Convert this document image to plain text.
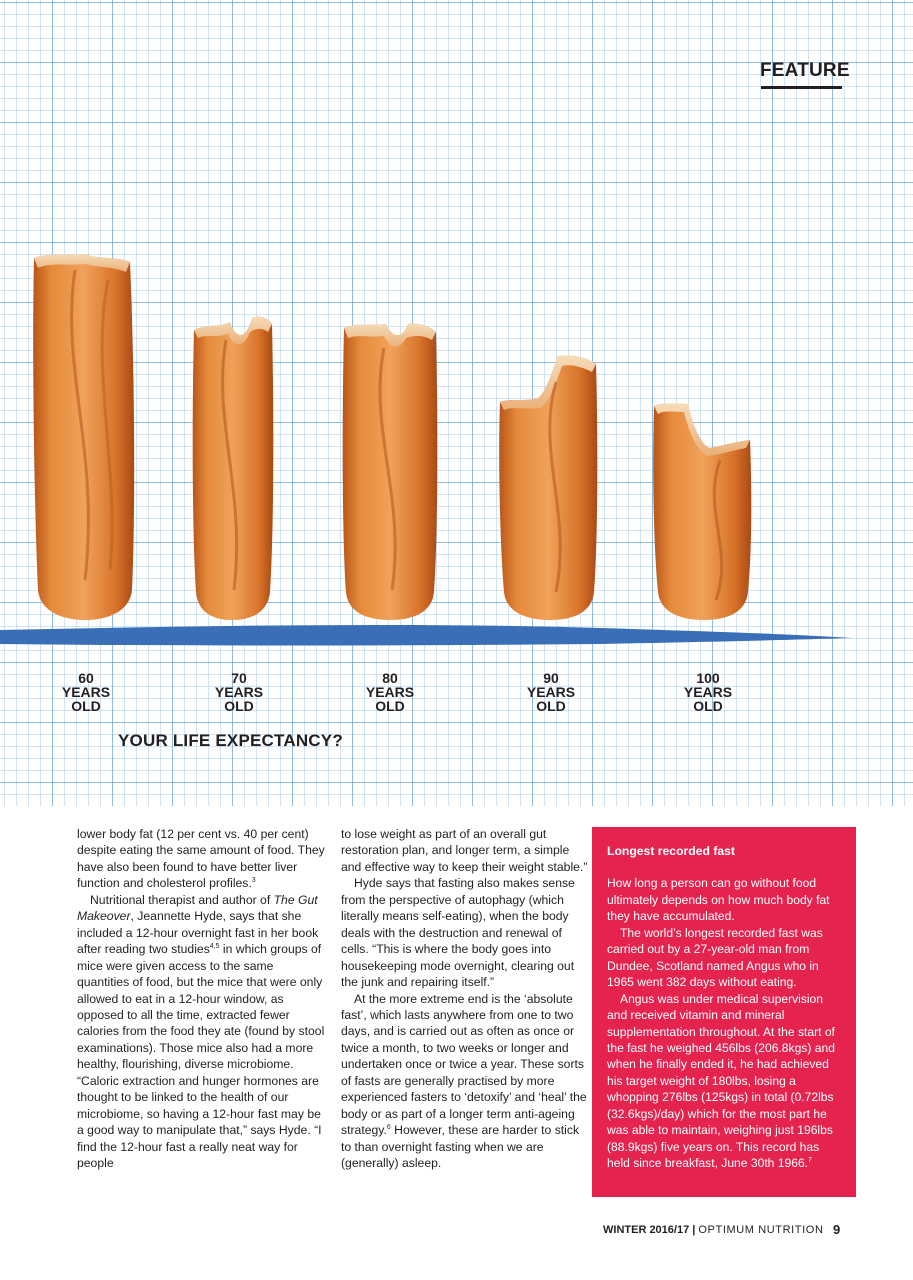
FEATURE
60
YEARS
OLD
70
YEARS
OLD
80
YEARS
OLD
90
YEARS
OLD
100
YEARS
OLD
YOUR LIFE EXPECTANCY?

lower body fat (12 per cent vs. 40 per cent) despite eating the same amount of food. They have also been found to have better liver function and cholesterol profiles.$^3$

Nutritional therapist and author of The Gut Makeover, Jeannette Hyde, says that she included a 12-hour overnight fast in her book after reading two studies$^{4,5}$ in which groups of mice were given access to the same quantities of food, but the mice that were only allowed to eat in a 12-hour window, as opposed to all the time, extracted fewer calories from the food they ate (found by stool examinations). Those mice also had a more healthy, flourishing, diverse microbiome. “Caloric extraction and hunger hormones are thought to be linked to the health of our microbiome, so having a 12-hour fast may be a good way to manipulate that,” says Hyde. “I find the 12-hour fast a really neat way for people

to lose weight as part of an overall gut restoration plan, and longer term, a simple and effective way to keep their weight stable.”

Hyde says that fasting also makes sense from the perspective of autophagy (which literally means self-eating), when the body deals with the destruction and renewal of cells. “This is where the body goes into housekeeping mode overnight, clearing out the junk and repairing itself.”

At the more extreme end is the ‘absolute fast’, which lasts anywhere from one to two days, and is carried out as often as once or twice a month, to two weeks or longer and undertaken once or twice a year. These sorts of fasts are generally practised by more experienced fasters to ‘detoxify’ and ‘heal’ the body or as part of a longer term anti-ageing strategy.$^6$ However, these are harder to stick to than overnight fasting when we are (generally) asleep.

Longest recorded fast

How long a person can go without food ultimately depends on how much body fat they have accumulated.

The world’s longest recorded fast was carried out by a 27-year-old man from Dundee, Scotland named Angus who in 1965 went 382 days without eating.

Angus was under medical supervision and received vitamin and mineral supplementation throughout. At the start of the fast he weighed 456lbs (206.8kgs) and when he finally ended it, he had achieved his target weight of 180lbs, losing a whopping 276lbs (125kgs) in total (0.72lbs (32.6kgs)/day) which for the most part he was able to maintain, weighing just 196lbs (88.9kgs) five years on. This record has held since breakfast, June 30th 1966.$^7$

WINTER 2016/17 | OPTIMUM NUTRITION 9
